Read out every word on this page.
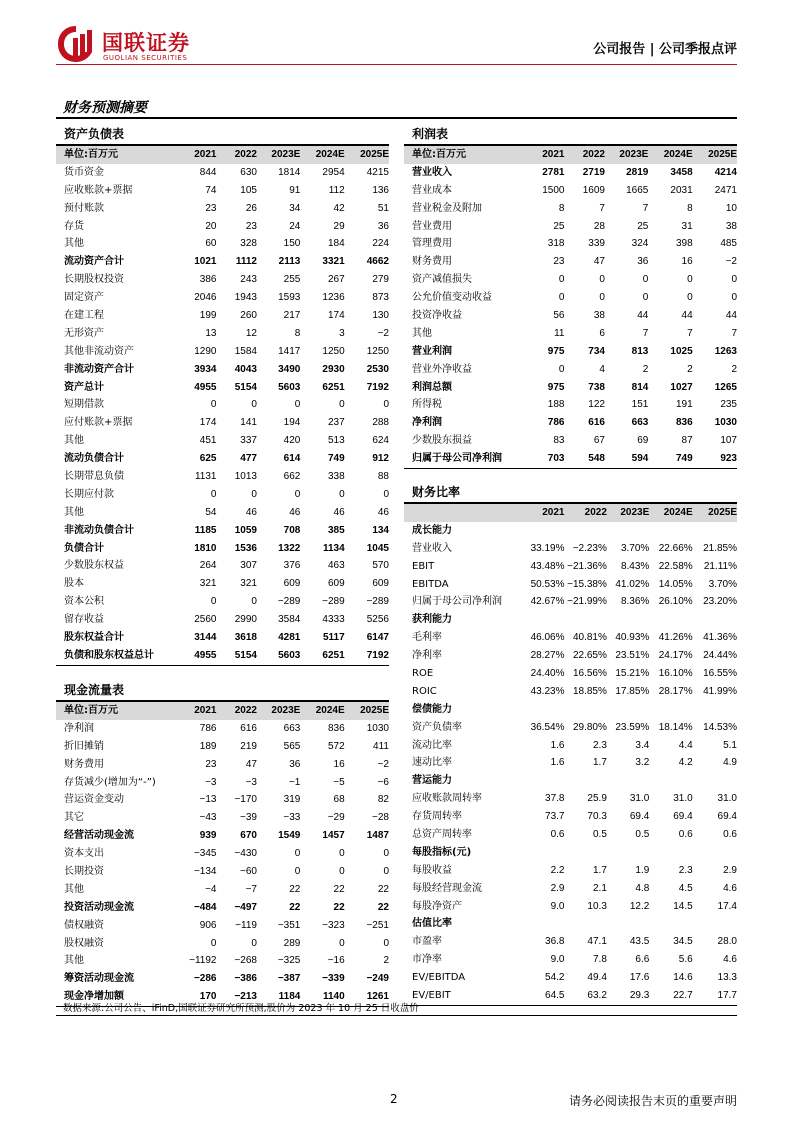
国联证券
GUOLIAN SECURITIES
公司报告 | 公司季报点评
财务预测摘要
资产负债表
单位:百万元	2021	2022	2023E	2024E	2025E
货币资金	844	630	1814	2954	4215
应收账款+票据	74	105	91	112	136
预付账款	23	26	34	42	51
存货	20	23	24	29	36
其他	60	328	150	184	224
流动资产合计	1021	1112	2113	3321	4662
长期股权投资	386	243	255	267	279
固定资产	2046	1943	1593	1236	873
在建工程	199	260	217	174	130
无形资产	13	12	8	3	−2
其他非流动资产	1290	1584	1417	1250	1250
非流动资产合计	3934	4043	3490	2930	2530
资产总计	4955	5154	5603	6251	7192
短期借款	0	0	0	0	0
应付账款+票据	174	141	194	237	288
其他	451	337	420	513	624
流动负债合计	625	477	614	749	912
长期带息负债	1131	1013	662	338	88
长期应付款	0	0	0	0	0
其他	54	46	46	46	46
非流动负债合计	1185	1059	708	385	134
负债合计	1810	1536	1322	1134	1045
少数股东权益	264	307	376	463	570
股本	321	321	609	609	609
资本公积	0	0	−289	−289	−289
留存收益	2560	2990	3584	4333	5256
股东权益合计	3144	3618	4281	5117	6147
负债和股东权益总计	4955	5154	5603	6251	7192
现金流量表
单位:百万元	2021	2022	2023E	2024E	2025E
净利润	786	616	663	836	1030
折旧摊销	189	219	565	572	411
财务费用	23	47	36	16	−2
存货减少(增加为“-”)	−3	−3	−1	−5	−6
营运资金变动	−13	−170	319	68	82
其它	−43	−39	−33	−29	−28
经营活动现金流	939	670	1549	1457	1487
资本支出	−345	−430	0	0	0
长期投资	−134	−60	0	0	0
其他	−4	−7	22	22	22
投资活动现金流	−484	−497	22	22	22
债权融资	906	−119	−351	−323	−251
股权融资	0	0	289	0	0
其他	−1192	−268	−325	−16	2
筹资活动现金流	−286	−386	−387	−339	−249
现金净增加额	170	−213	1184	1140	1261
利润表
单位:百万元	2021	2022	2023E	2024E	2025E
营业收入	2781	2719	2819	3458	4214
营业成本	1500	1609	1665	2031	2471
营业税金及附加	8	7	7	8	10
营业费用	25	28	25	31	38
管理费用	318	339	324	398	485
财务费用	23	47	36	16	−2
资产减值损失	0	0	0	0	0
公允价值变动收益	0	0	0	0	0
投资净收益	56	38	44	44	44
其他	11	6	7	7	7
营业利润	975	734	813	1025	1263
营业外净收益	0	4	2	2	2
利润总额	975	738	814	1027	1265
所得税	188	122	151	191	235
净利润	786	616	663	836	1030
少数股东损益	83	67	69	87	107
归属于母公司净利润	703	548	594	749	923
财务比率
2021	2022	2023E	2024E	2025E
成长能力
营业收入	33.19% −2.23%	3.70% 22.66%	21.85%
EBIT	43.48% −21.36%	8.43% 22.58%	21.11%
EBITDA	50.53% −15.38% 41.02% 14.05%	3.70%
归属于母公司净利润	42.67% −21.99%	8.36% 26.10%	23.20%
获利能力
毛利率	46.06% 40.81% 40.93% 41.26%	41.36%
净利率	28.27% 22.65% 23.51% 24.17%	24.44%
ROE	24.40% 16.56% 15.21% 16.10%	16.55%
ROIC	43.23% 18.85% 17.85% 28.17%	41.99%
偿债能力
资产负债率	36.54% 29.80% 23.59% 18.14%	14.53%
流动比率	1.6	2.3	3.4	4.4	5.1
速动比率	1.6	1.7	3.2	4.2	4.9
营运能力
应收账款周转率	37.8	25.9	31.0	31.0	31.0
存货周转率	73.7	70.3	69.4	69.4	69.4
总资产周转率	0.6	0.5	0.5	0.6	0.6
每股指标(元)
每股收益	2.2	1.7	1.9	2.3	2.9
每股经营现金流	2.9	2.1	4.8	4.5	4.6
每股净资产	9.0	10.3	12.2	14.5	17.4
估值比率
市盈率	36.8	47.1	43.5	34.5	28.0
市净率	9.0	7.8	6.6	5.6	4.6
EV/EBITDA	54.2	49.4	17.6	14.6	13.3
EV/EBIT	64.5	63.2	29.3	22.7	17.7
数据来源:公司公告、iFinD,国联证券研究所预测;股价为 2023 年 10 月 25 日收盘价
2	请务必阅读报告末页的重要声明
